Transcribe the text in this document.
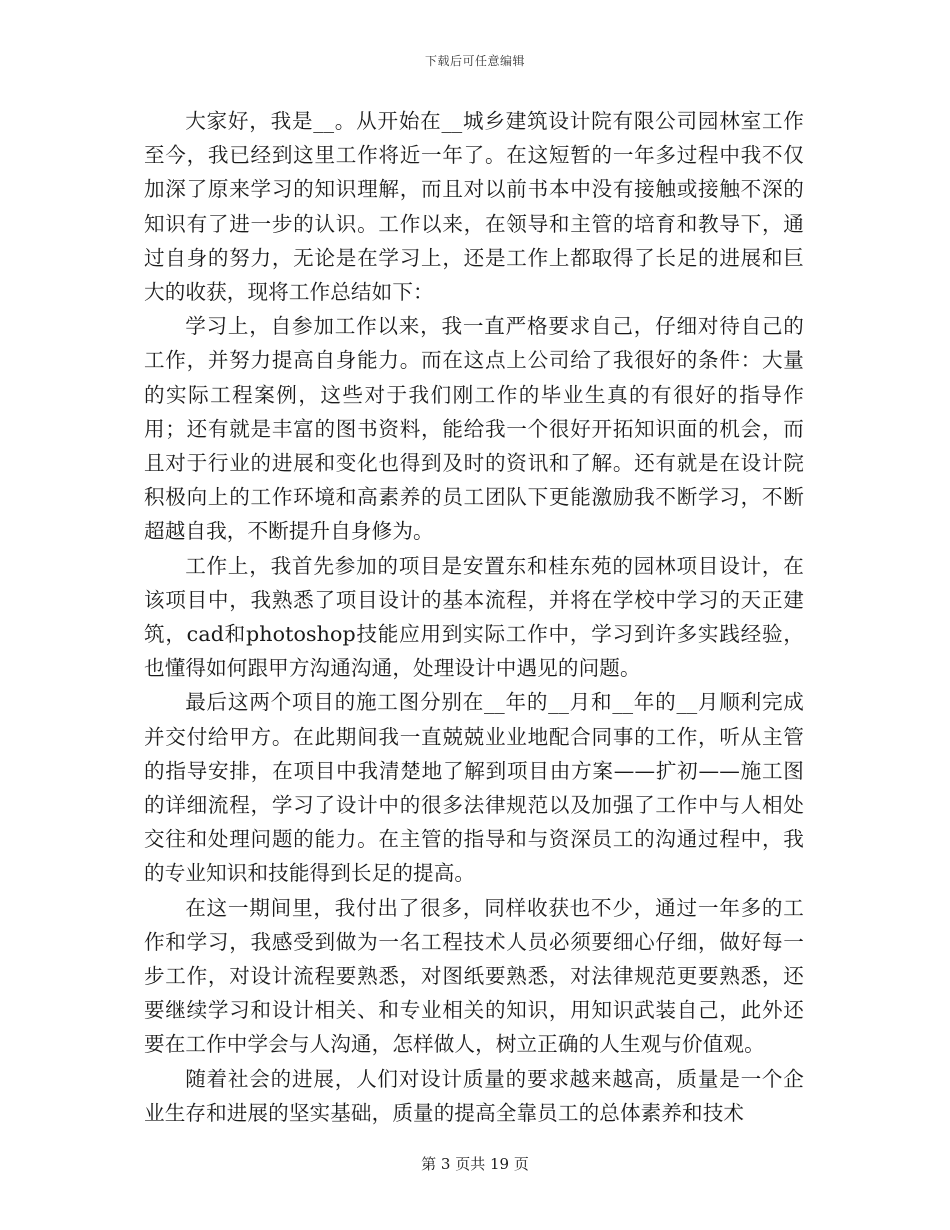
下载后可任意编辑

大家好，我是__。从开始在__城乡建筑设计院有限公司园林室工作至今，我已经到这里工作将近一年了。在这短暂的一年多过程中我不仅加深了原来学习的知识理解，而且对以前书本中没有接触或接触不深的知识有了进一步的认识。工作以来，在领导和主管的培育和教导下，通过自身的努力，无论是在学习上，还是工作上都取得了长足的进展和巨大的收获，现将工作总结如下：

学习上，自参加工作以来，我一直严格要求自己，仔细对待自己的工作，并努力提高自身能力。而在这点上公司给了我很好的条件：大量的实际工程案例，这些对于我们刚工作的毕业生真的有很好的指导作用；还有就是丰富的图书资料，能给我一个很好开拓知识面的机会，而且对于行业的进展和变化也得到及时的资讯和了解。还有就是在设计院积极向上的工作环境和高素养的员工团队下更能激励我不断学习，不断超越自我，不断提升自身修为。

工作上，我首先参加的项目是安置东和桂东苑的园林项目设计，在该项目中，我熟悉了项目设计的基本流程，并将在学校中学习的天正建筑，cad和photoshop技能应用到实际工作中，学习到许多实践经验，也懂得如何跟甲方沟通沟通，处理设计中遇见的问题。

最后这两个项目的施工图分别在__年的__月和__年的__月顺利完成并交付给甲方。在此期间我一直兢兢业业地配合同事的工作，听从主管的指导安排，在项目中我清楚地了解到项目由方案——扩初——施工图的详细流程，学习了设计中的很多法律规范以及加强了工作中与人相处交往和处理问题的能力。在主管的指导和与资深员工的沟通过程中，我的专业知识和技能得到长足的提高。

在这一期间里，我付出了很多，同样收获也不少，通过一年多的工作和学习，我感受到做为一名工程技术人员必须要细心仔细，做好每一步工作，对设计流程要熟悉，对图纸要熟悉，对法律规范更要熟悉，还要继续学习和设计相关、和专业相关的知识，用知识武装自己，此外还要在工作中学会与人沟通，怎样做人，树立正确的人生观与价值观。

随着社会的进展，人们对设计质量的要求越来越高，质量是一个企业生存和进展的坚实基础，质量的提高全靠员工的总体素养和技术

第 3 页共 19 页
